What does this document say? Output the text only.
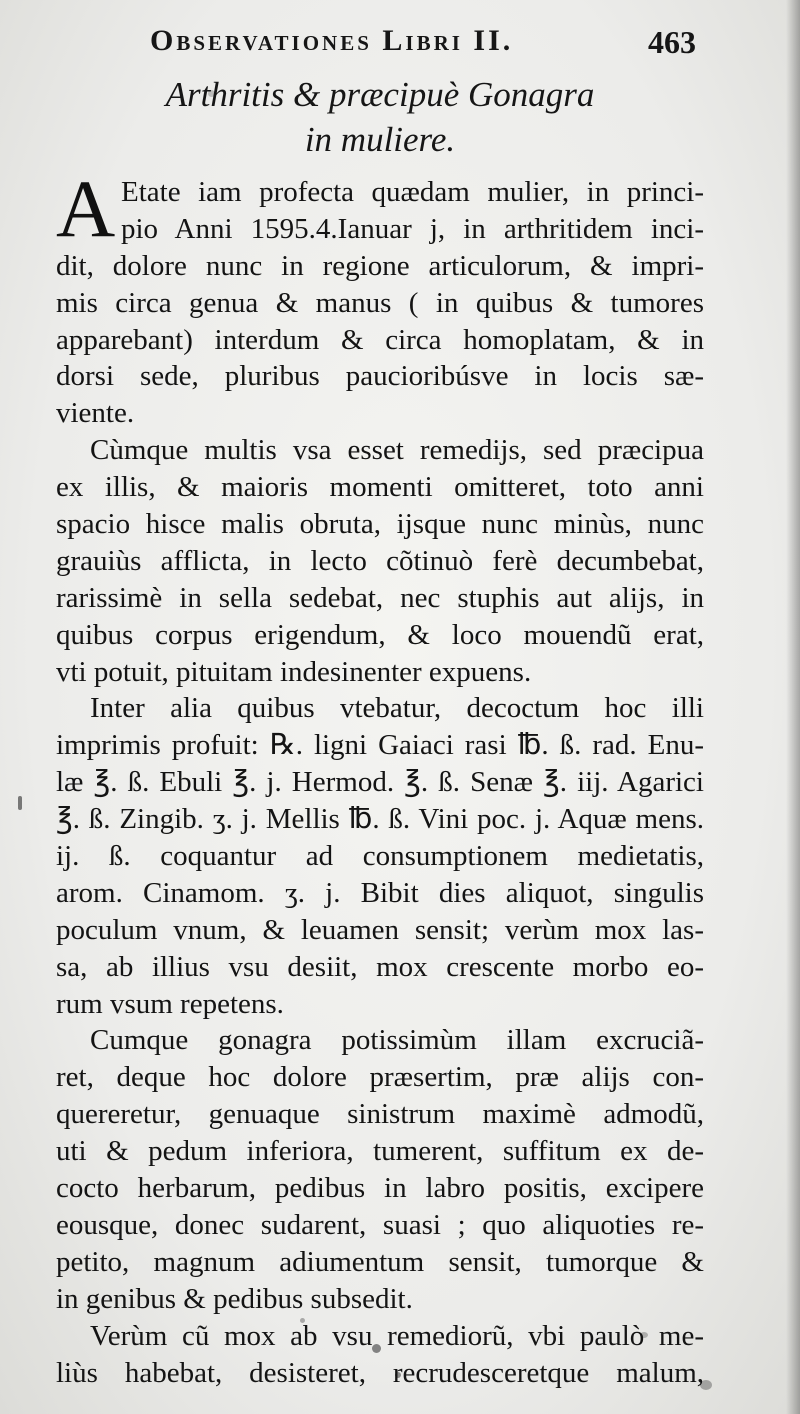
Observationes Libri II.	463
Arthritis & præcipuè Gonagra
in muliere.
A Etate iam profecta quædam mulier, in princi-
pio Anni 1595.4.Ianuar j, in arthritidem inci-
dit, dolore nunc in regione articulorum, & impri-
mis circa genua & manus ( in quibus & tumores
apparebant) interdum & circa homoplatam, & in
dorsi sede, pluribus paucioribúsve in locis sæ-
viente.
Cùmque multis vsa esset remedijs, sed præcipua
ex illis, & maioris momenti omitteret, toto anni
spacio hisce malis obruta, ijsque nunc minùs, nunc
grauiùs afflicta, in lecto cõtinuò ferè decumbebat,
rarissimè in sella sedebat, nec stuphis aut alijs, in
quibus corpus erigendum, & loco mouendũ erat,
vti potuit, pituitam indesinenter expuens.
Inter alia quibus vtebatur, decoctum hoc illi
imprimis profuit: ℞. ligni Gaiaci rasi ℔. ß. rad. Enu-
læ ℥. ß. Ebuli ℥. j. Hermod. ℥. ß. Senæ ℥. iij. Agarici
℥. ß. Zingib. ʒ. j. Mellis ℔. ß. Vini poc. j. Aquæ mens.
ij. ß. coquantur ad consumptionem medietatis,
arom. Cinamom. ʒ. j. Bibit dies aliquot, singulis
poculum vnum, & leuamen sensit; verùm mox las-
sa, ab illius vsu desiit, mox crescente morbo eo-
rum vsum repetens.
Cumque gonagra potissimùm illam excruciã-
ret, deque hoc dolore præsertim, præ alijs con-
quereretur, genuaque sinistrum maximè admodũ,
uti & pedum inferiora, tumerent, suffitum ex de-
cocto herbarum, pedibus in labro positis, excipere
eousque, donec sudarent, suasi ; quo aliquoties re-
petito, magnum adiumentum sensit, tumorque &
in genibus & pedibus subsedit.
Verùm cũ mox ab vsu remediorũ, vbi paulò me-
liùs habebat, desisteret, recrudesceretque malum,
